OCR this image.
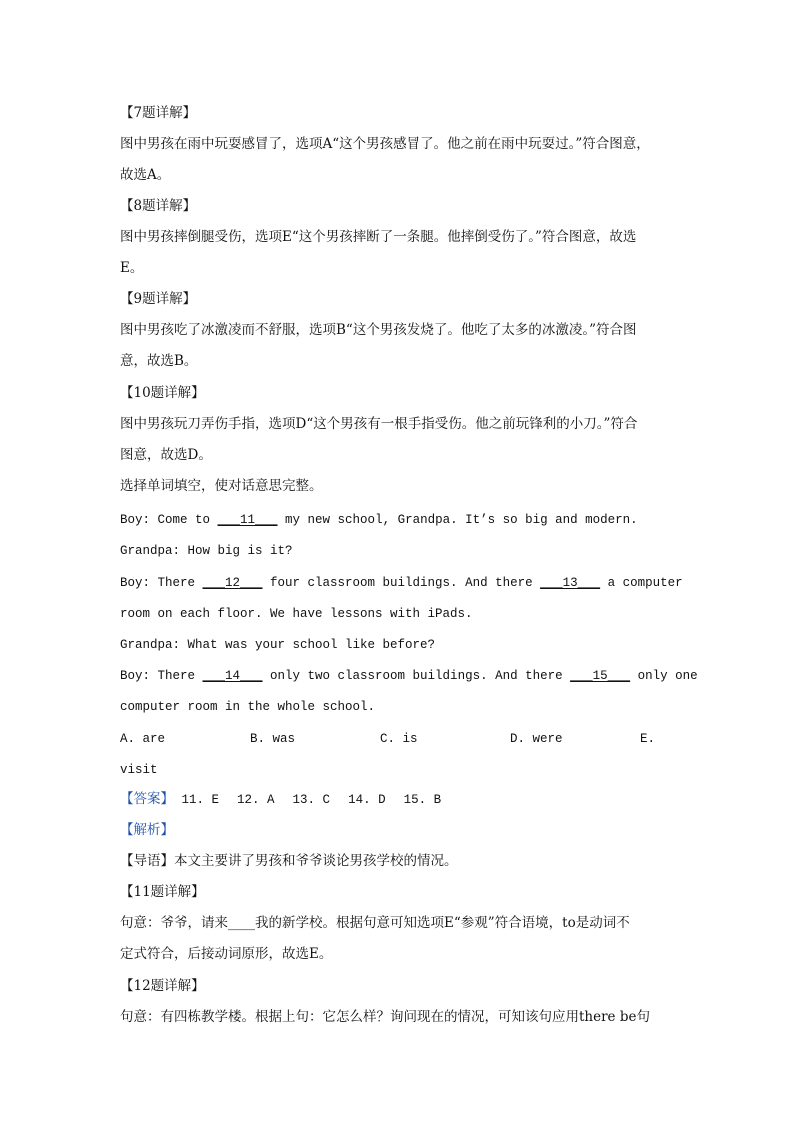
【7题详解】
图中男孩在雨中玩耍感冒了，选项A“这个男孩感冒了。他之前在雨中玩耍过。”符合图意，
故选A。
【8题详解】
图中男孩摔倒腿受伤，选项E“这个男孩摔断了一条腿。他摔倒受伤了。”符合图意，故选
E。
【9题详解】
图中男孩吃了冰激凌而不舒服，选项B“这个男孩发烧了。他吃了太多的冰激凌。”符合图
意，故选B。
【10题详解】
图中男孩玩刀弄伤手指，选项D“这个男孩有一根手指受伤。他之前玩锋利的小刀。”符合
图意，故选D。
选择单词填空，使对话意思完整。
Boy: Come to ___11___ my new school, Grandpa. It’s so big and modern.
Grandpa: How big is it?
Boy: There ___12___ four classroom buildings. And there ___13___ a computer
room on each floor. We have lessons with iPads.
Grandpa: What was your school like before?
Boy: There ___14___ only two classroom buildings. And there ___15___ only one
computer room in the whole school.
A. are	B. was	C. is	D. were	E.
visit
【答案】 11. E 12. A 13. C 14. D 15. B
【解析】
【导语】本文主要讲了男孩和爷爷谈论男孩学校的情况。
【11题详解】
句意：爷爷，请来____我的新学校。根据句意可知选项E“参观”符合语境，to是动词不
定式符合，后接动词原形，故选E。
【12题详解】
句意：有四栋教学楼。根据上句：它怎么样？询问现在的情况，可知该句应用there be句
